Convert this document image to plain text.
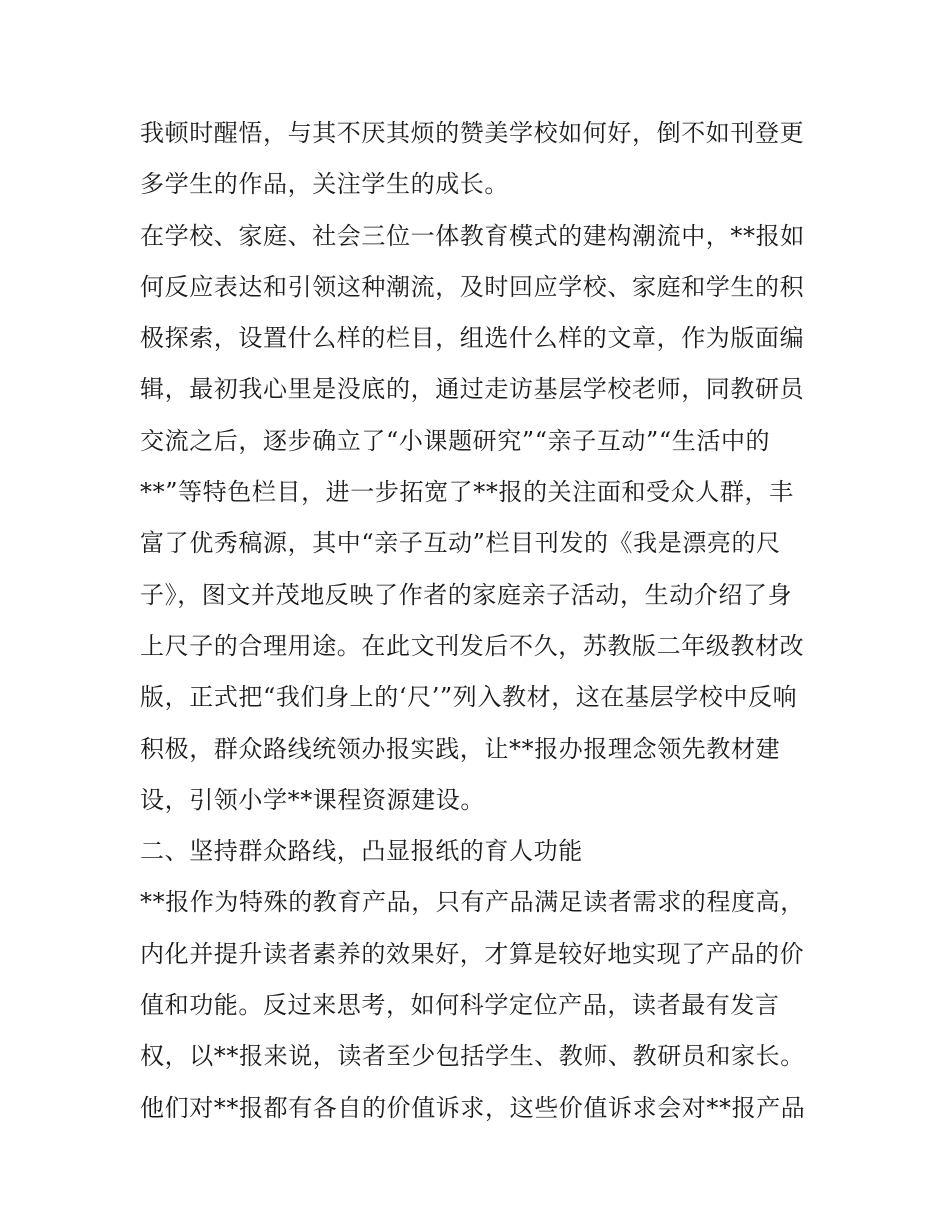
我顿时醒悟，与其不厌其烦的赞美学校如何好，倒不如刊登更
多学生的作品，关注学生的成长。
在学校、家庭、社会三位一体教育模式的建构潮流中，**报如
何反应表达和引领这种潮流，及时回应学校、家庭和学生的积
极探索，设置什么样的栏目，组选什么样的文章，作为版面编
辑，最初我心里是没底的，通过走访基层学校老师，同教研员
交流之后，逐步确立了“小课题研究”“亲子互动”“生活中的
**”等特色栏目，进一步拓宽了**报的关注面和受众人群，丰
富了优秀稿源，其中“亲子互动”栏目刊发的《我是漂亮的尺
子》，图文并茂地反映了作者的家庭亲子活动，生动介绍了身
上尺子的合理用途。在此文刊发后不久，苏教版二年级教材改
版，正式把“我们身上的‘尺’”列入教材，这在基层学校中反响
积极，群众路线统领办报实践，让**报办报理念领先教材建
设，引领小学**课程资源建设。
二、坚持群众路线，凸显报纸的育人功能
**报作为特殊的教育产品，只有产品满足读者需求的程度高，
内化并提升读者素养的效果好，才算是较好地实现了产品的价
值和功能。反过来思考，如何科学定位产品，读者最有发言
权，以**报来说，读者至少包括学生、教师、教研员和家长。
他们对**报都有各自的价值诉求，这些价值诉求会对**报产品
